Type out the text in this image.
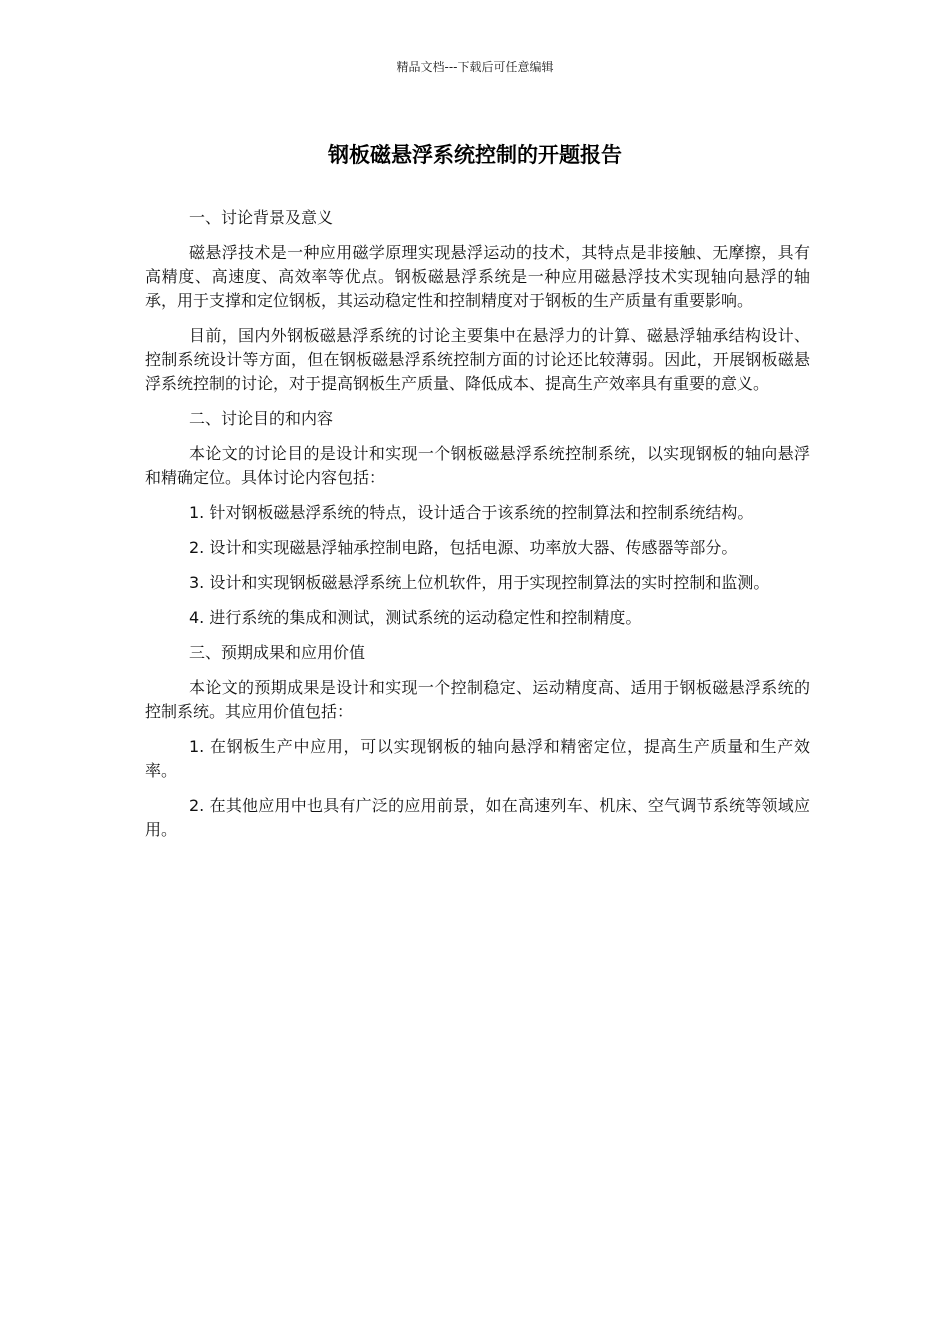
精品文档---下载后可任意编辑
钢板磁悬浮系统控制的开题报告

一、讨论背景及意义

磁悬浮技术是一种应用磁学原理实现悬浮运动的技术，其特点是非接触、无摩擦，具有高精度、高速度、高效率等优点。钢板磁悬浮系统是一种应用磁悬浮技术实现轴向悬浮的轴承，用于支撑和定位钢板，其运动稳定性和控制精度对于钢板的生产质量有重要影响。

目前，国内外钢板磁悬浮系统的讨论主要集中在悬浮力的计算、磁悬浮轴承结构设计、控制系统设计等方面，但在钢板磁悬浮系统控制方面的讨论还比较薄弱。因此，开展钢板磁悬浮系统控制的讨论，对于提高钢板生产质量、降低成本、提高生产效率具有重要的意义。

二、讨论目的和内容

本论文的讨论目的是设计和实现一个钢板磁悬浮系统控制系统，以实现钢板的轴向悬浮和精确定位。具体讨论内容包括：

1. 针对钢板磁悬浮系统的特点，设计适合于该系统的控制算法和控制系统结构。

2. 设计和实现磁悬浮轴承控制电路，包括电源、功率放大器、传感器等部分。

3. 设计和实现钢板磁悬浮系统上位机软件，用于实现控制算法的实时控制和监测。

4. 进行系统的集成和测试，测试系统的运动稳定性和控制精度。

三、预期成果和应用价值

本论文的预期成果是设计和实现一个控制稳定、运动精度高、适用于钢板磁悬浮系统的控制系统。其应用价值包括：

1. 在钢板生产中应用，可以实现钢板的轴向悬浮和精密定位，提高生产质量和生产效率。

2. 在其他应用中也具有广泛的应用前景，如在高速列车、机床、空气调节系统等领域应用。
